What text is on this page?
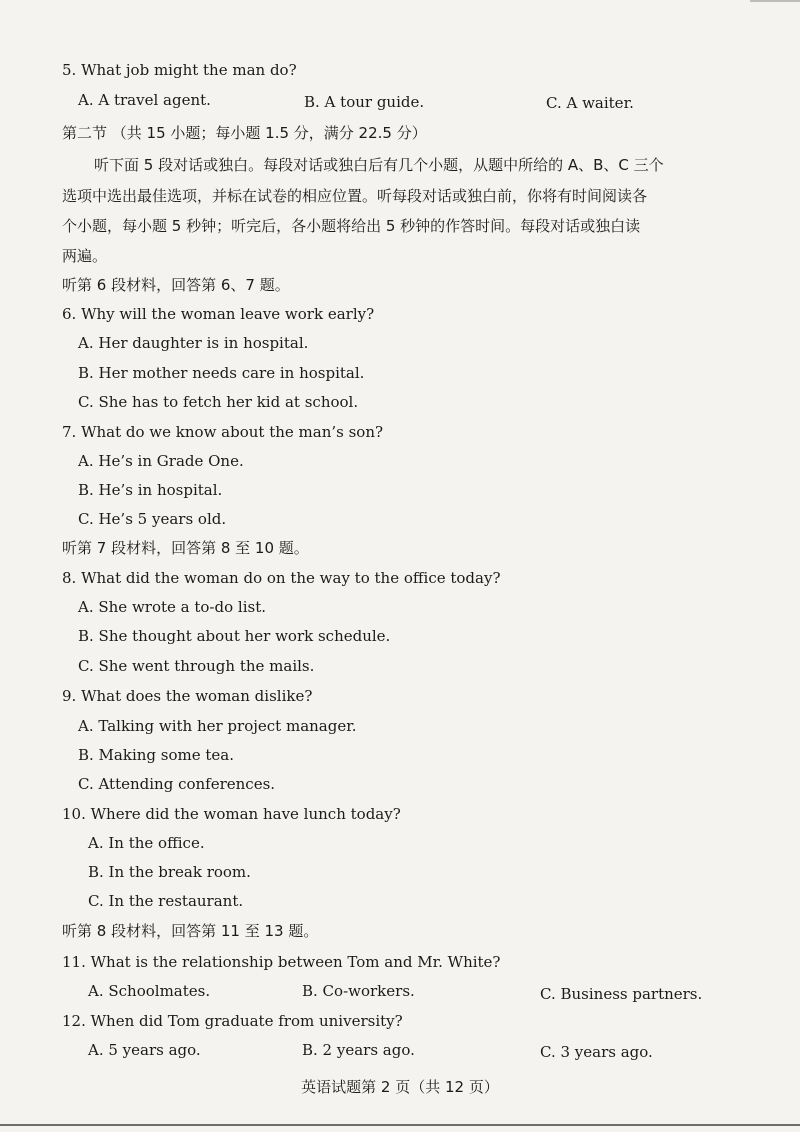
5. What job might the man do?
A. A travel agent.	B. A tour guide.	C. A waiter.
第二节 （共 15 小题；每小题 1.5 分，满分 22.5 分）
听下面 5 段对话或独白。每段对话或独白后有几个小题，从题中所给的 A、B、C 三个
选项中选出最佳选项，并标在试卷的相应位置。听每段对话或独白前，你将有时间阅读各
个小题，每小题 5 秒钟；听完后，各小题将给出 5 秒钟的作答时间。每段对话或独白读
两遍。
听第 6 段材料，回答第 6、7 题。
6. Why will the woman leave work early?
A. Her daughter is in hospital.
B. Her mother needs care in hospital.
C. She has to fetch her kid at school.
7. What do we know about the man’s son?
A. He’s in Grade One.
B. He’s in hospital.
C. He’s 5 years old.
听第 7 段材料，回答第 8 至 10 题。
8. What did the woman do on the way to the office today?
A. She wrote a to-do list.
B. She thought about her work schedule.
C. She went through the mails.
9. What does the woman dislike?
A. Talking with her project manager.
B. Making some tea.
C. Attending conferences.
10. Where did the woman have lunch today?
A. In the office.
B. In the break room.
C. In the restaurant.
听第 8 段材料，回答第 11 至 13 题。
11. What is the relationship between Tom and Mr. White?
A. Schoolmates.	B. Co-workers.	C. Business partners.
12. When did Tom graduate from university?
A. 5 years ago.	B. 2 years ago.	C. 3 years ago.
英语试题第 2 页（共 12 页）
